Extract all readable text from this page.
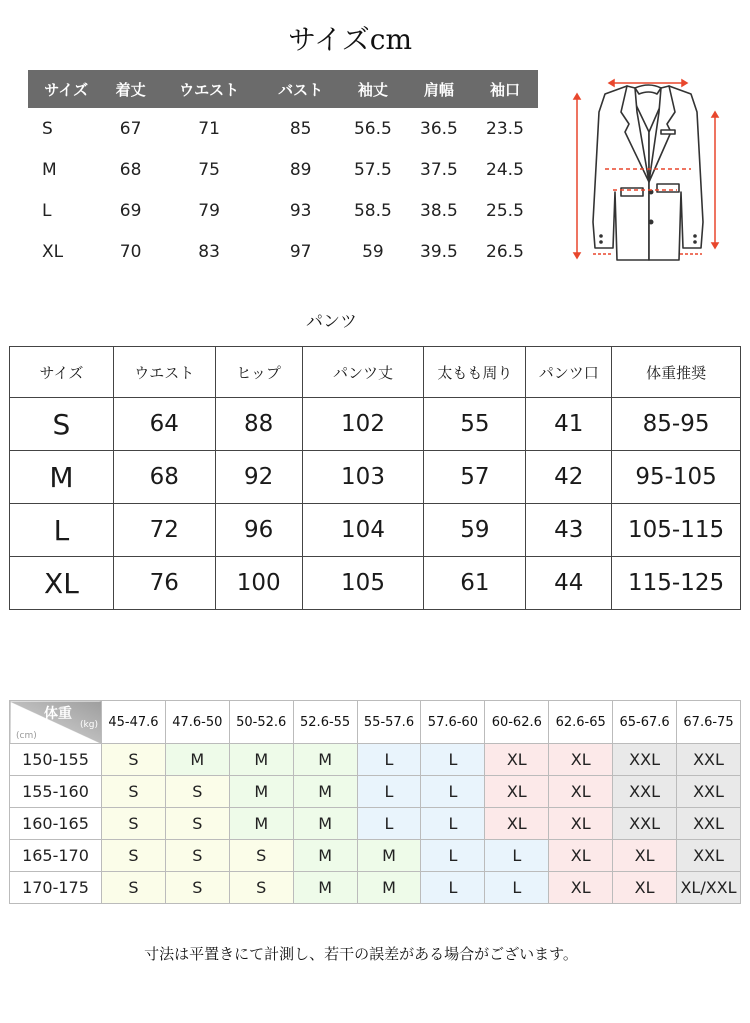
サイズcm
サイズ	着丈	ウエスト	バスト	袖丈	肩幅	袖口
S	67	71	85	56.5	36.5	23.5
M	68	75	89	57.5	37.5	24.5
L	69	79	93	58.5	38.5	25.5
XL	70	83	97	59	39.5	26.5
パンツ
サイズ	ウエスト	ヒップ	パンツ丈	太もも周り	パンツ口	体重推奨
S	64	88	102	55	41	85-95
M	68	92	103	57	42	95-105
L	72	96	104	59	43	105-115
XL	76	100	105	61	44	115-125
体重
(kg)
(cm)	45-47.6	47.6-50	50-52.6	52.6-55	55-57.6	57.6-60	60-62.6	62.6-65	65-67.6	67.6-75
150-155	S	M	M	M	L	L	XL	XL	XXL	XXL
155-160	S	S	M	M	L	L	XL	XL	XXL	XXL
160-165	S	S	M	M	L	L	XL	XL	XXL	XXL
165-170	S	S	S	M	M	L	L	XL	XL	XXL
170-175	S	S	S	M	M	L	L	XL	XL	XL/XXL
寸法は平置きにて計測し、若干の誤差がある場合がございます。
